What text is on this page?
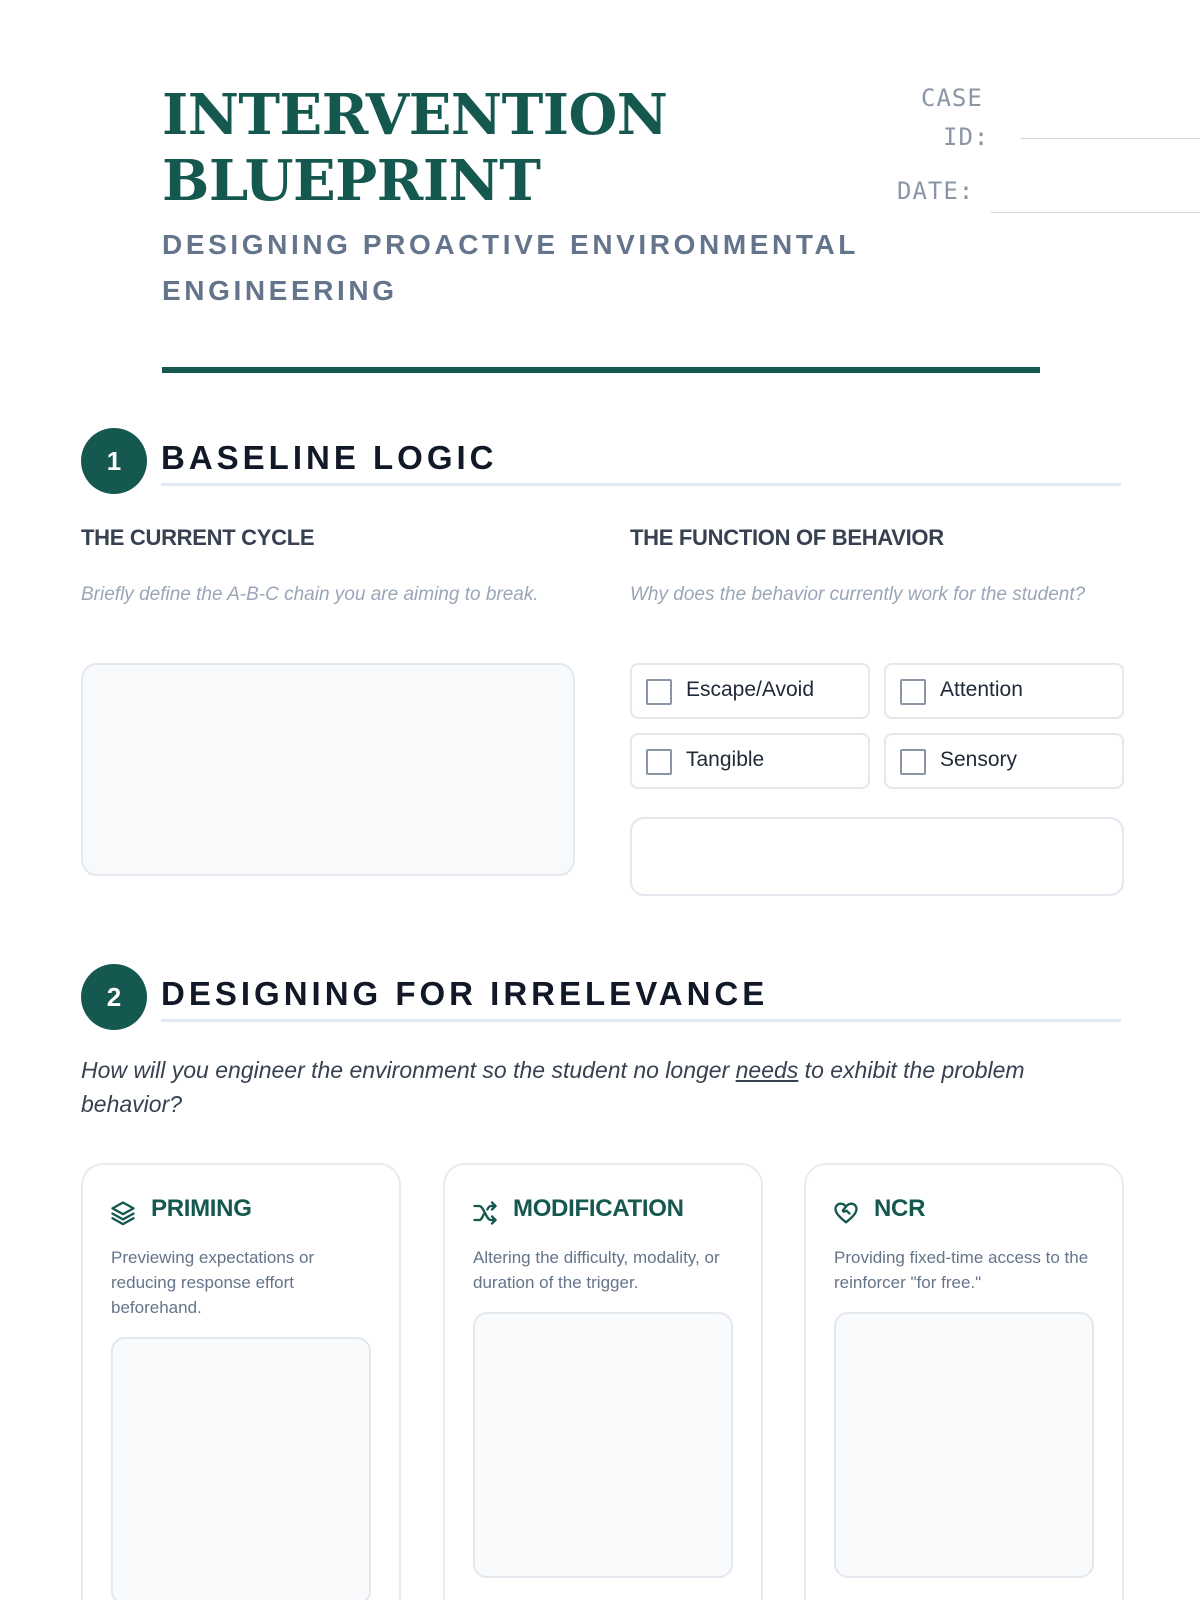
INTERVENTION
BLUEPRINT

DESIGNING PROACTIVE ENVIRONMENTAL
ENGINEERING

CASE
ID:
DATE:
1	BASELINE LOGIC
THE CURRENT CYCLE

Briefly define the A-B-C chain you are aiming to break.

THE FUNCTION OF BEHAVIOR

Why does the behavior currently work for the student?

Escape/Avoid	Attention
Tangible	Sensory
2	DESIGNING FOR IRRELEVANCE

How will you engineer the environment so the student no longer needs to exhibit the problem behavior?

PRIMING

Previewing expectations or reducing response effort beforehand.

MODIFICATION

Altering the difficulty, modality, or duration of the trigger.

NCR

Providing fixed-time access to the reinforcer "for free."
